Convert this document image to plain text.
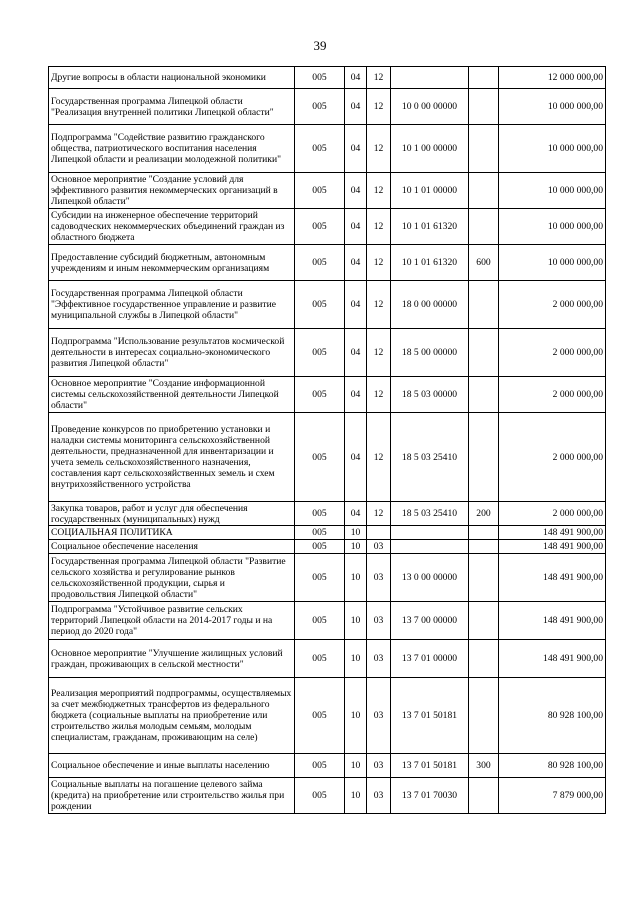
39
Другие вопросы в области национальной экономики	005	04	12			12 000 000,00
Государственная программа Липецкой области "Реализация внутренней политики Липецкой области"	005	04	12	10 0 00 00000		10 000 000,00
Подпрограмма "Содействие развитию гражданского общества, патриотического воспитания населения Липецкой области и реализации молодежной политики"	005	04	12	10 1 00 00000		10 000 000,00
Основное мероприятие "Создание условий для эффективного развития некоммерческих организаций в Липецкой области"	005	04	12	10 1 01 00000		10 000 000,00
Субсидии на инженерное обеспечение территорий садоводческих некоммерческих объединений граждан из областного бюджета	005	04	12	10 1 01 61320		10 000 000,00
Предоставление субсидий бюджетным, автономным учреждениям и иным некоммерческим организациям	005	04	12	10 1 01 61320	600	10 000 000,00
Государственная программа Липецкой области "Эффективное государственное управление и развитие муниципальной службы в Липецкой области"	005	04	12	18 0 00 00000		2 000 000,00
Подпрограмма "Использование результатов космической деятельности в интересах социально-экономического развития Липецкой области"	005	04	12	18 5 00 00000		2 000 000,00
Основное мероприятие "Создание информационной системы сельскохозяйственной деятельности Липецкой области"	005	04	12	18 5 03 00000		2 000 000,00
Проведение конкурсов по приобретению установки и наладки системы мониторинга сельскохозяйственной деятельности, предназначенной для инвентаризации и учета земель сельскохозяйственного назначения, составления карт сельскохозяйственных земель и схем внутрихозяйственного устройства	005	04	12	18 5 03 25410		2 000 000,00
Закупка товаров, работ и услуг для обеспечения государственных (муниципальных) нужд	005	04	12	18 5 03 25410	200	2 000 000,00
СОЦИАЛЬНАЯ ПОЛИТИКА	005	10				148 491 900,00
Социальное обеспечение населения	005	10	03			148 491 900,00
Государственная программа Липецкой области "Развитие сельского хозяйства и регулирование рынков сельскохозяйственной продукции, сырья и продовольствия Липецкой области"	005	10	03	13 0 00 00000		148 491 900,00
Подпрограмма "Устойчивое развитие сельских территорий Липецкой области на 2014-2017 годы и на период до 2020 года"	005	10	03	13 7 00 00000		148 491 900,00
Основное мероприятие "Улучшение жилищных условий граждан, проживающих в сельской местности"	005	10	03	13 7 01 00000		148 491 900,00
Реализация мероприятий подпрограммы, осуществляемых за счет межбюджетных трансфертов из федерального бюджета (социальные выплаты на приобретение или строительство жилья молодым семьям, молодым специалистам, гражданам, проживающим на селе)	005	10	03	13 7 01 50181		80 928 100,00
Социальное обеспечение и иные выплаты населению	005	10	03	13 7 01 50181	300	80 928 100,00
Социальные выплаты на погашение целевого займа (кредита) на приобретение или строительство жилья при рождении	005	10	03	13 7 01 70030		7 879 000,00
